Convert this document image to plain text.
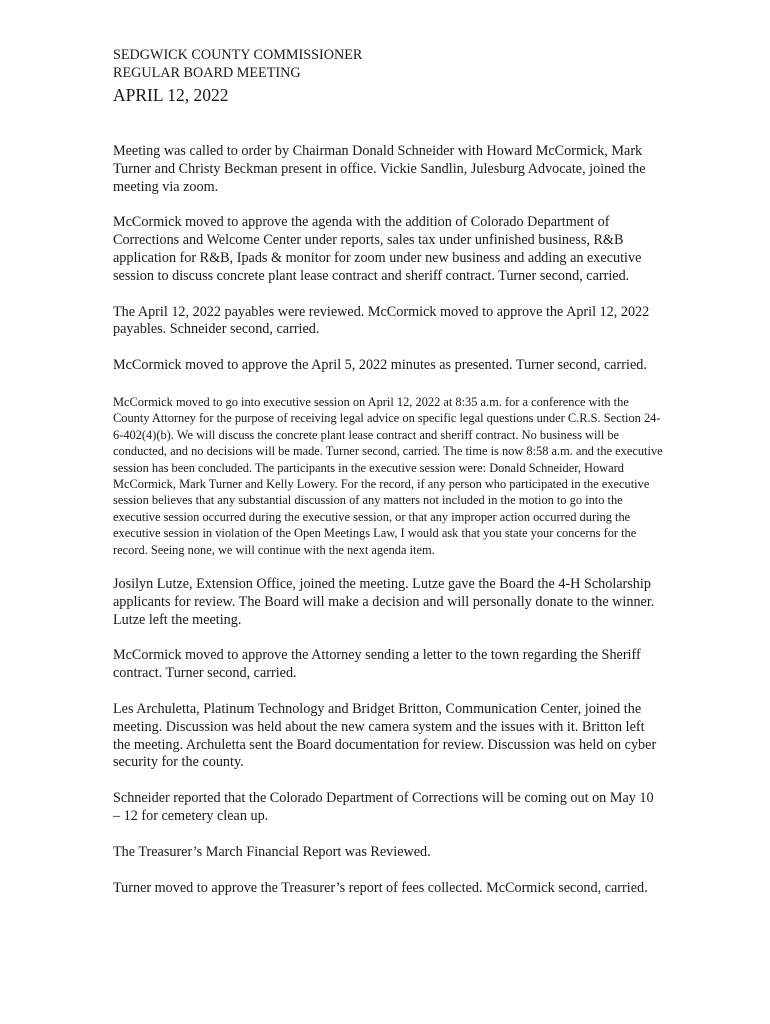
SEDGWICK COUNTY COMMISSIONER

REGULAR BOARD MEETING

APRIL 12, 2022

Meeting was called to order by Chairman Donald Schneider with Howard McCormick, Mark Turner and Christy Beckman present in office. Vickie Sandlin, Julesburg Advocate, joined the meeting via zoom.

McCormick moved to approve the agenda with the addition of Colorado Department of Corrections and Welcome Center under reports, sales tax under unfinished business, R&B application for R&B, Ipads & monitor for zoom under new business and adding an executive session to discuss concrete plant lease contract and sheriff contract. Turner second, carried.

The April 12, 2022 payables were reviewed. McCormick moved to approve the April 12, 2022 payables. Schneider second, carried.

McCormick moved to approve the April 5, 2022 minutes as presented. Turner second, carried.

McCormick moved to go into executive session on April 12, 2022 at 8:35 a.m. for a conference with the County Attorney for the purpose of receiving legal advice on specific legal questions under C.R.S. Section 24-6-402(4)(b). We will discuss the concrete plant lease contract and sheriff contract. No business will be conducted, and no decisions will be made. Turner second, carried. The time is now 8:58 a.m. and the executive session has been concluded. The participants in the executive session were: Donald Schneider, Howard McCormick, Mark Turner and Kelly Lowery. For the record, if any person who participated in the executive session believes that any substantial discussion of any matters not included in the motion to go into the executive session occurred during the executive session, or that any improper action occurred during the executive session in violation of the Open Meetings Law, I would ask that you state your concerns for the record. Seeing none, we will continue with the next agenda item.

Josilyn Lutze, Extension Office, joined the meeting. Lutze gave the Board the 4-H Scholarship applicants for review. The Board will make a decision and will personally donate to the winner. Lutze left the meeting.

McCormick moved to approve the Attorney sending a letter to the town regarding the Sheriff contract. Turner second, carried.

Les Archuletta, Platinum Technology and Bridget Britton, Communication Center, joined the meeting. Discussion was held about the new camera system and the issues with it. Britton left the meeting. Archuletta sent the Board documentation for review. Discussion was held on cyber security for the county.

Schneider reported that the Colorado Department of Corrections will be coming out on May 10 – 12 for cemetery clean up.

The Treasurer’s March Financial Report was Reviewed.

Turner moved to approve the Treasurer’s report of fees collected. McCormick second, carried.
